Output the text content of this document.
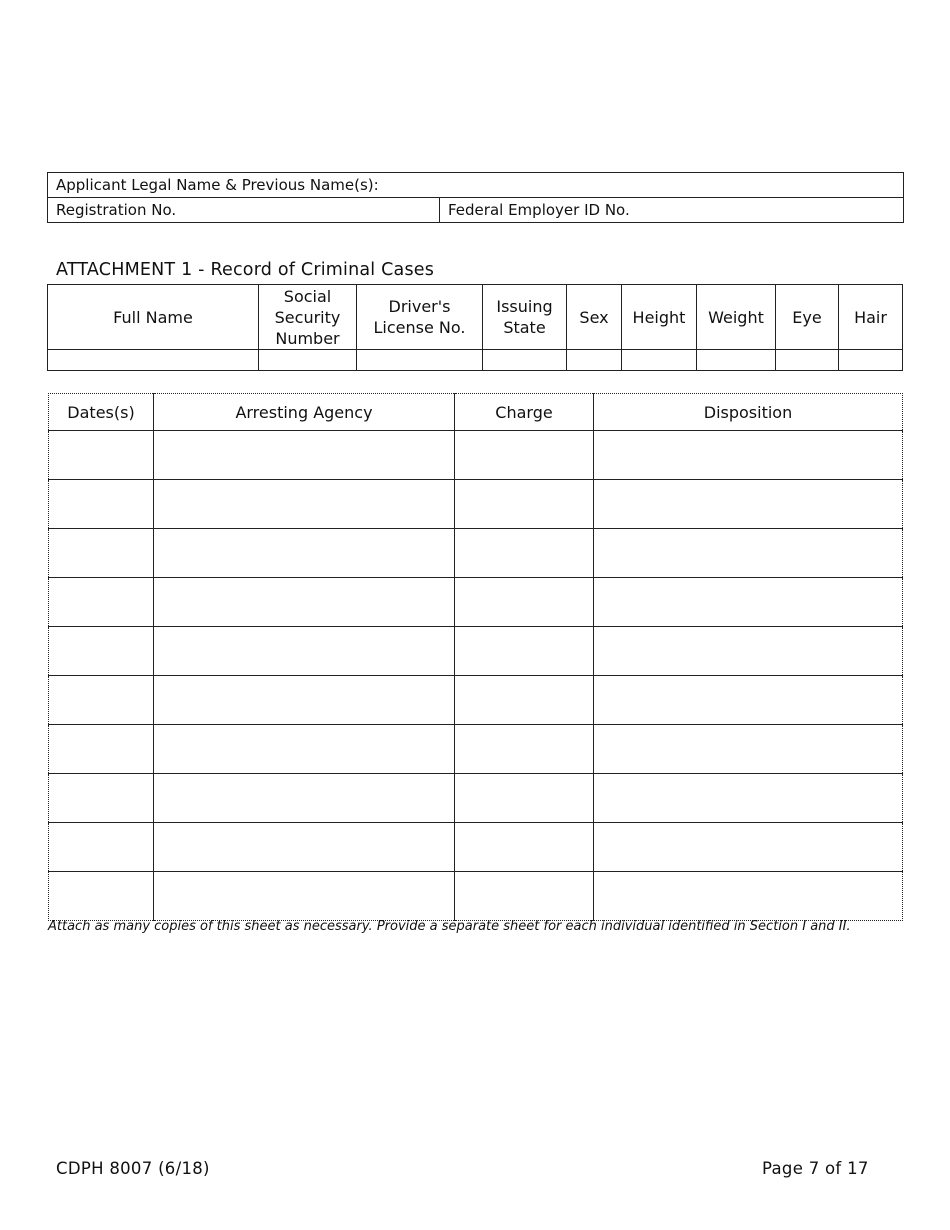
Applicant Legal Name & Previous Name(s):
Registration No.	Federal Employer ID No.
ATTACHMENT 1 - Record of Criminal Cases
Full Name	Social Security Number	Driver's License No.	Issuing State	Sex	Height	Weight	Eye	Hair

Dates(s)	Arresting Agency	Charge	Disposition

Attach as many copies of this sheet as necessary. Provide a separate sheet for each individual identified in Section I and II.
CDPH 8007 (6/18)	Page 7 of 17
